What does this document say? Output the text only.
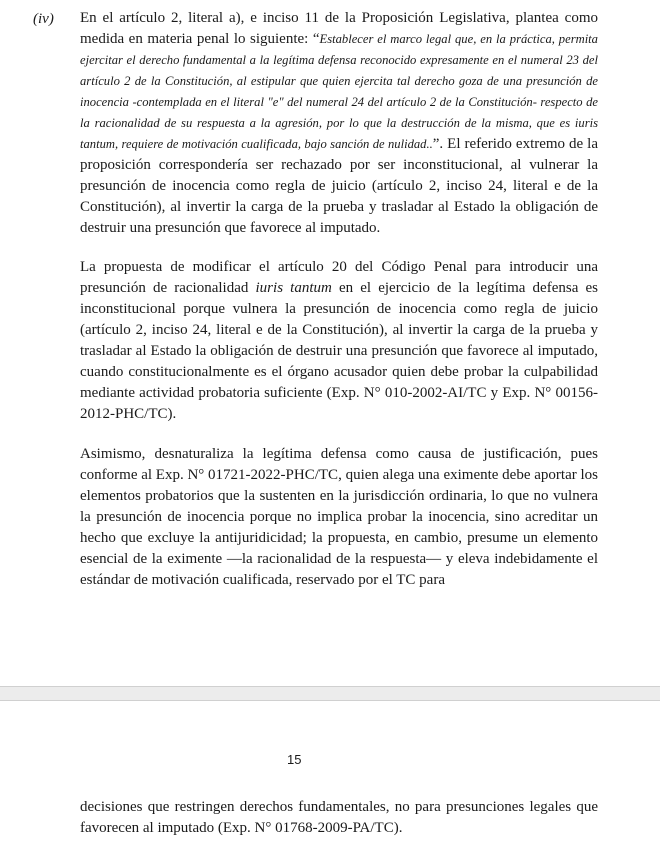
(iv) En el artículo 2, literal a), e inciso 11 de la Proposición Legislativa, plantea como medida en materia penal lo siguiente: “Establecer el marco legal que, en la práctica, permita ejercitar el derecho fundamental a la legítima defensa reconocido expresamente en el numeral 23 del artículo 2 de la Constitución, al estipular que quien ejercita tal derecho goza de una presunción de inocencia -contemplada en el literal "e" del numeral 24 del artículo 2 de la Constitución- respecto de la racionalidad de su respuesta a la agresión, por lo que la destrucción de la misma, que es iuris tantum, requiere de motivación cualificada, bajo sanción de nulidad..”. El referido extremo de la proposición correspondería ser rechazado por ser inconstitucional, al vulnerar la presunción de inocencia como regla de juicio (artículo 2, inciso 24, literal e de la Constitución), al invertir la carga de la prueba y trasladar al Estado la obligación de destruir una presunción que favorece al imputado.

La propuesta de modificar el artículo 20 del Código Penal para introducir una presunción de racionalidad iuris tantum en el ejercicio de la legítima defensa es inconstitucional porque vulnera la presunción de inocencia como regla de juicio (artículo 2, inciso 24, literal e de la Constitución), al invertir la carga de la prueba y trasladar al Estado la obligación de destruir una presunción que favorece al imputado, cuando constitucionalmente es el órgano acusador quien debe probar la culpabilidad mediante actividad probatoria suficiente (Exp. N° 010-2002-AI/TC y Exp. N° 00156-2012-PHC/TC).

Asimismo, desnaturaliza la legítima defensa como causa de justificación, pues conforme al Exp. N° 01721-2022-PHC/TC, quien alega una eximente debe aportar los elementos probatorios que la sustenten en la jurisdicción ordinaria, lo que no vulnera la presunción de inocencia porque no implica probar la inocencia, sino acreditar un hecho que excluye la antijuridicidad; la propuesta, en cambio, presume un elemento esencial de la eximente —la racionalidad de la respuesta— y eleva indebidamente el estándar de motivación cualificada, reservado por el TC para

15

decisiones que restringen derechos fundamentales, no para presunciones legales que favorecen al imputado (Exp. N° 01768-2009-PA/TC).
